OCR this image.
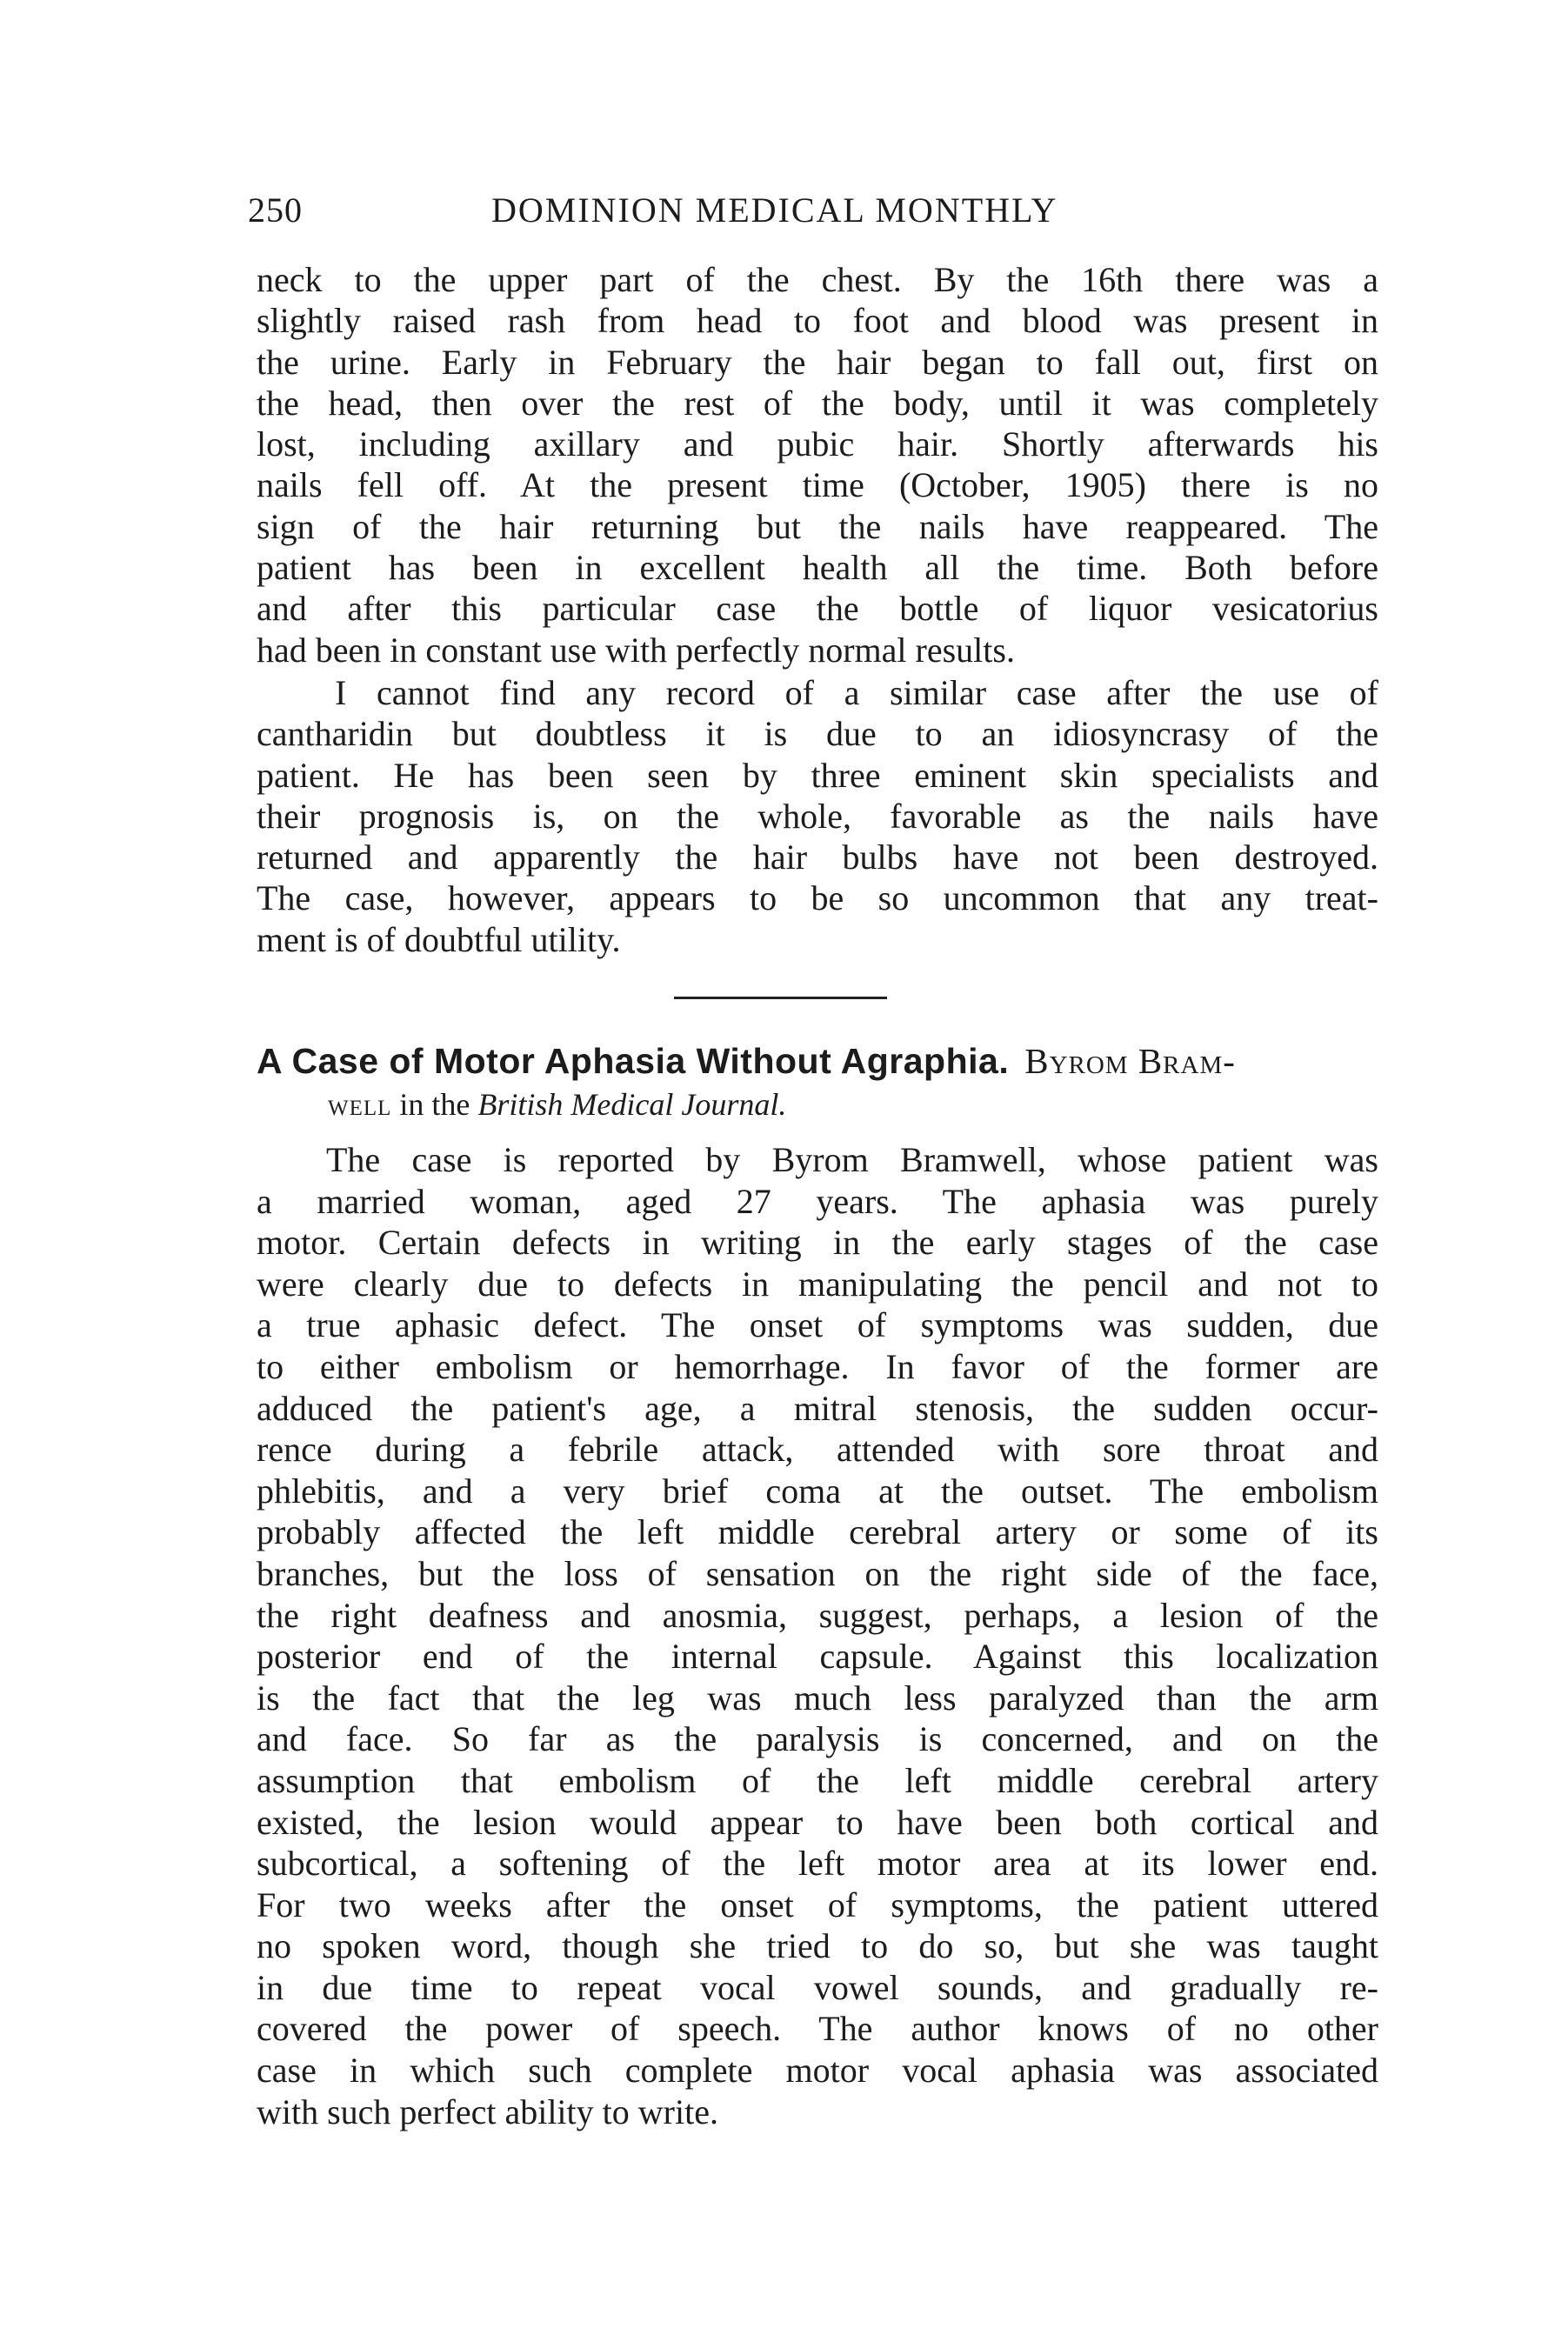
250	DOMINION MEDICAL MONTHLY
neck to the upper part of the chest. By the 16th there was a
slightly raised rash from head to foot and blood was present in
the urine. Early in February the hair began to fall out, first on
the head, then over the rest of the body, until it was completely
lost, including axillary and pubic hair. Shortly afterwards his
nails fell off. At the present time (October, 1905) there is no
sign of the hair returning but the nails have reappeared. The
patient has been in excellent health all the time. Both before
and after this particular case the bottle of liquor vesicatorius
had been in constant use with perfectly normal results.
I cannot find any record of a similar case after the use of
cantharidin but doubtless it is due to an idiosyncrasy of the
patient. He has been seen by three eminent skin specialists and
their prognosis is, on the whole, favorable as the nails have
returned and apparently the hair bulbs have not been destroyed.
The case, however, appears to be so uncommon that any treat-
ment is of doubtful utility.
A Case of Motor Aphasia Without Agraphia. Byrom Bram-
well in the British Medical Journal.
The case is reported by Byrom Bramwell, whose patient was
a married woman, aged 27 years. The aphasia was purely
motor. Certain defects in writing in the early stages of the case
were clearly due to defects in manipulating the pencil and not to
a true aphasic defect. The onset of symptoms was sudden, due
to either embolism or hemorrhage. In favor of the former are
adduced the patient's age, a mitral stenosis, the sudden occur-
rence during a febrile attack, attended with sore throat and
phlebitis, and a very brief coma at the outset. The embolism
probably affected the left middle cerebral artery or some of its
branches, but the loss of sensation on the right side of the face,
the right deafness and anosmia, suggest, perhaps, a lesion of the
posterior end of the internal capsule. Against this localization
is the fact that the leg was much less paralyzed than the arm
and face. So far as the paralysis is concerned, and on the
assumption that embolism of the left middle cerebral artery
existed, the lesion would appear to have been both cortical and
subcortical, a softening of the left motor area at its lower end.
For two weeks after the onset of symptoms, the patient uttered
no spoken word, though she tried to do so, but she was taught
in due time to repeat vocal vowel sounds, and gradually re-
covered the power of speech. The author knows of no other
case in which such complete motor vocal aphasia was associated
with such perfect ability to write.
